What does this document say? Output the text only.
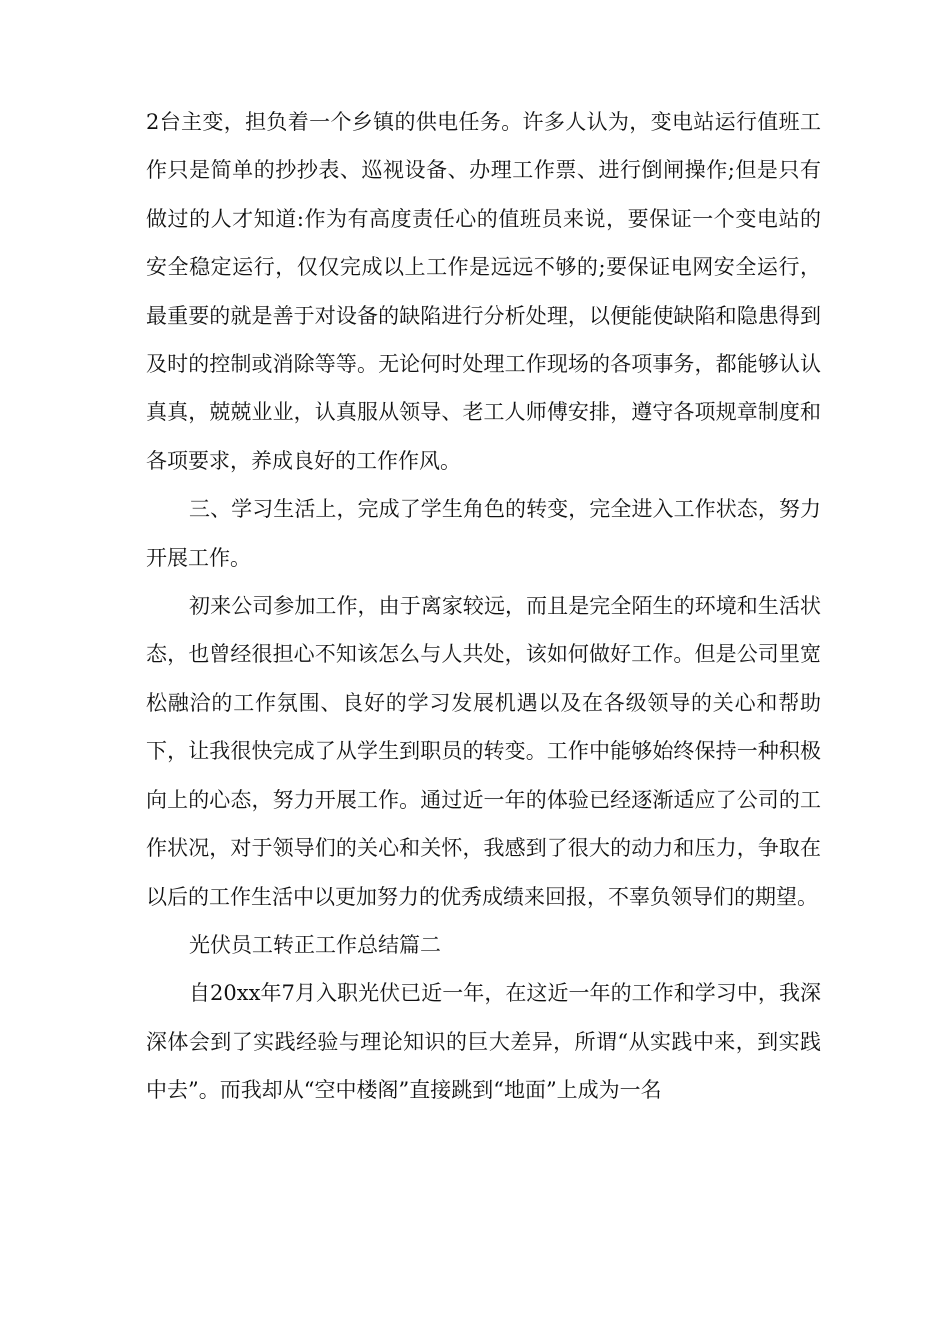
2台主变，担负着一个乡镇的供电任务。许多人认为，变电站运行值班工作只是简单的抄抄表、巡视设备、办理工作票、进行倒闸操作;但是只有做过的人才知道:作为有高度责任心的值班员来说，要保证一个变电站的安全稳定运行，仅仅完成以上工作是远远不够的;要保证电网安全运行，最重要的就是善于对设备的缺陷进行分析处理，以便能使缺陷和隐患得到及时的控制或消除等等。无论何时处理工作现场的各项事务，都能够认认真真，兢兢业业，认真服从领导、老工人师傅安排，遵守各项规章制度和各项要求，养成良好的工作作风。

三、学习生活上，完成了学生角色的转变，完全进入工作状态，努力开展工作。

初来公司参加工作，由于离家较远，而且是完全陌生的环境和生活状态，也曾经很担心不知该怎么与人共处，该如何做好工作。但是公司里宽松融洽的工作氛围、良好的学习发展机遇以及在各级领导的关心和帮助下，让我很快完成了从学生到职员的转变。工作中能够始终保持一种积极向上的心态，努力开展工作。通过近一年的体验已经逐渐适应了公司的工作状况，对于领导们的关心和关怀，我感到了很大的动力和压力，争取在以后的工作生活中以更加努力的优秀成绩来回报，不辜负领导们的期望。

光伏员工转正工作总结篇二

自20xx年7月入职光伏已近一年，在这近一年的工作和学习中，我深深体会到了实践经验与理论知识的巨大差异，所谓“从实践中来，到实践中去”。而我却从“空中楼阁”直接跳到“地面”上成为一名
